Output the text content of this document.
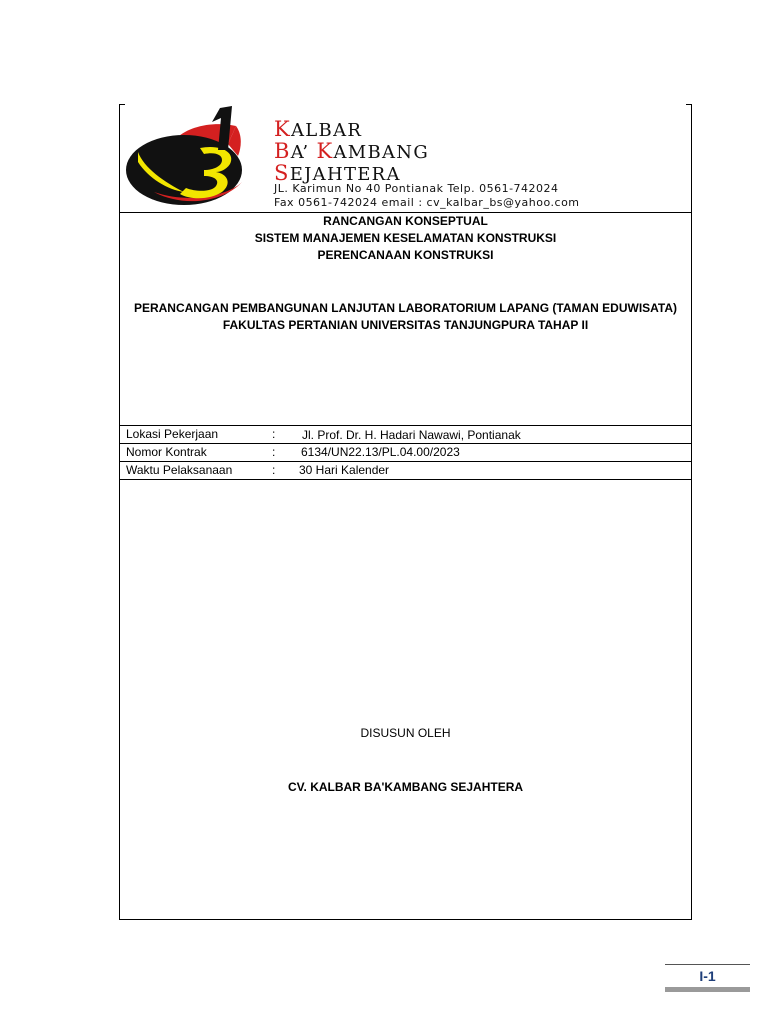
KALBAR
BA’ KAMBANG
SEJAHTERA
JL. Karimun No 40 Pontianak Telp. 0561-742024
Fax 0561-742024 email : cv_kalbar_bs@yahoo.com
RANCANGAN KONSEPTUAL
SISTEM MANAJEMEN KESELAMATAN KONSTRUKSI
PERENCANAAN KONSTRUKSI
PERANCANGAN PEMBANGUNAN LANJUTAN LABORATORIUM LAPANG (TAMAN EDUWISATA)
FAKULTAS PERTANIAN UNIVERSITAS TANJUNGPURA TAHAP II
Lokasi Pekerjaan	: Jl. Prof. Dr. H. Hadari Nawawi, Pontianak
Nomor Kontrak	: 6134/UN22.13/PL.04.00/2023
Waktu Pelaksanaan	: 30 Hari Kalender
DISUSUN OLEH
CV. KALBAR BA'KAMBANG SEJAHTERA
I-1
